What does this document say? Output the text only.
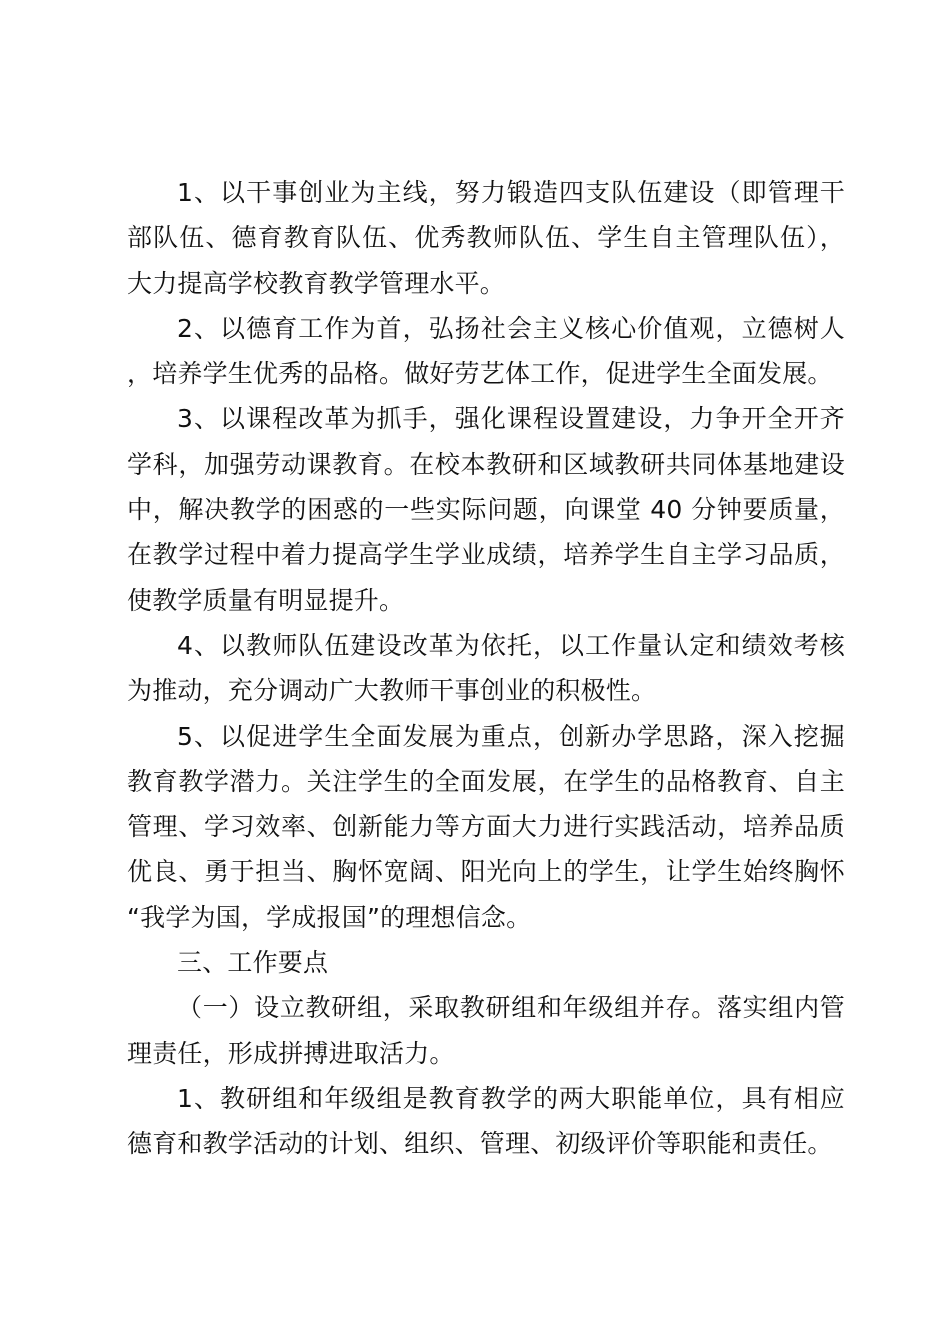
1、以干事创业为主线，努力锻造四支队伍建设（即管理干部队伍、德育教育队伍、优秀教师队伍、学生自主管理队伍），大力提高学校教育教学管理水平。

2、以德育工作为首，弘扬社会主义核心价值观，立德树人，培养学生优秀的品格。做好劳艺体工作，促进学生全面发展。

3、以课程改革为抓手，强化课程设置建设，力争开全开齐学科，加强劳动课教育。在校本教研和区域教研共同体基地建设中，解决教学的困惑的一些实际问题，向课堂 40 分钟要质量，在教学过程中着力提高学生学业成绩，培养学生自主学习品质，使教学质量有明显提升。

4、以教师队伍建设改革为依托，以工作量认定和绩效考核为推动，充分调动广大教师干事创业的积极性。

5、以促进学生全面发展为重点，创新办学思路，深入挖掘教育教学潜力。关注学生的全面发展，在学生的品格教育、自主管理、学习效率、创新能力等方面大力进行实践活动，培养品质优良、勇于担当、胸怀宽阔、阳光向上的学生，让学生始终胸怀“我学为国，学成报国”的理想信念。

三、工作要点

（一）设立教研组，采取教研组和年级组并存。落实组内管理责任，形成拼搏进取活力。

1、教研组和年级组是教育教学的两大职能单位，具有相应德育和教学活动的计划、组织、管理、初级评价等职能和责任。
